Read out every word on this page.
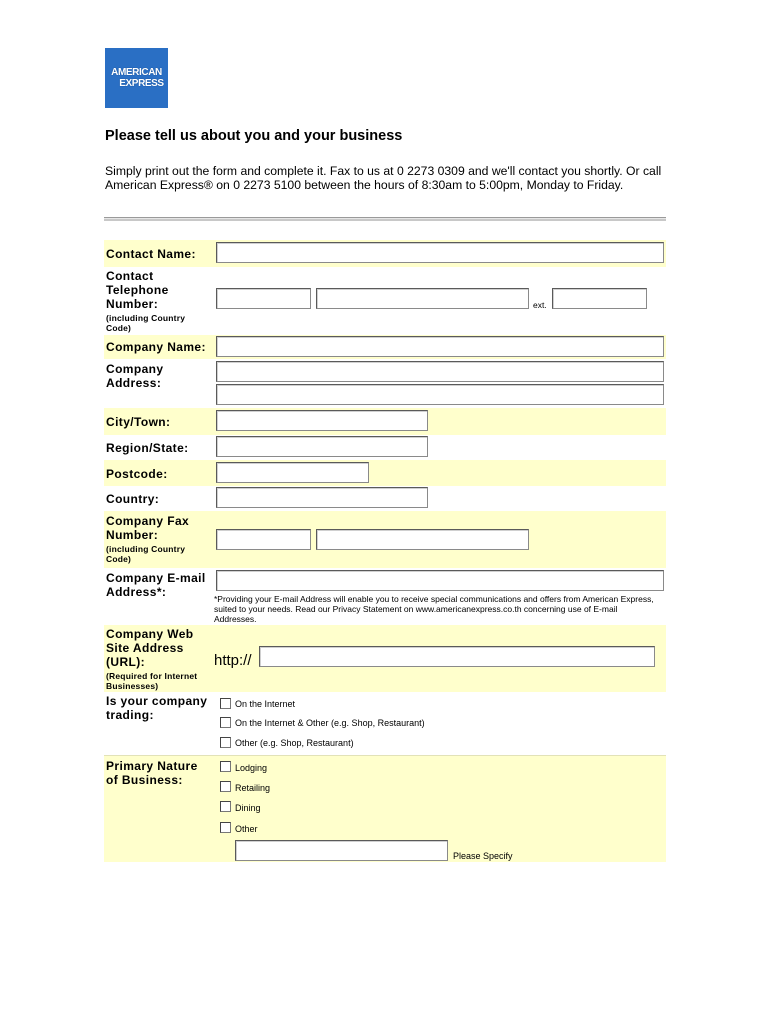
AMERICAN
EXPRESS
Please tell us about you and your business
Simply print out the form and complete it. Fax to us at 0 2273 0309 and we'll contact you shortly. Or call American Express® on 0 2273 5100 between the hours of 8:30am to 5:00pm, Monday to Friday.
Contact Name:
Contact
Telephone
Number:
(including Country
Code)
ext.
Company Name:
Company
Address:
City/Town:
Region/State:
Postcode:
Country:
Company Fax
Number:
(including Country
Code)
Company E-mail
Address*:	*Providing your E-mail Address will enable you to receive special communications and offers from American Express, suited to your needs. Read our Privacy Statement on www.americanexpress.co.th concerning use of E-mail Addresses.
Company Web
Site Address
(URL):
(Required for Internet
Businesses)
http://
Is your company
trading:
On the Internet
On the Internet & Other (e.g. Shop, Restaurant)
Other (e.g. Shop, Restaurant)
Primary Nature
of Business:
Lodging
Retailing
Dining
Other
Please Specify
